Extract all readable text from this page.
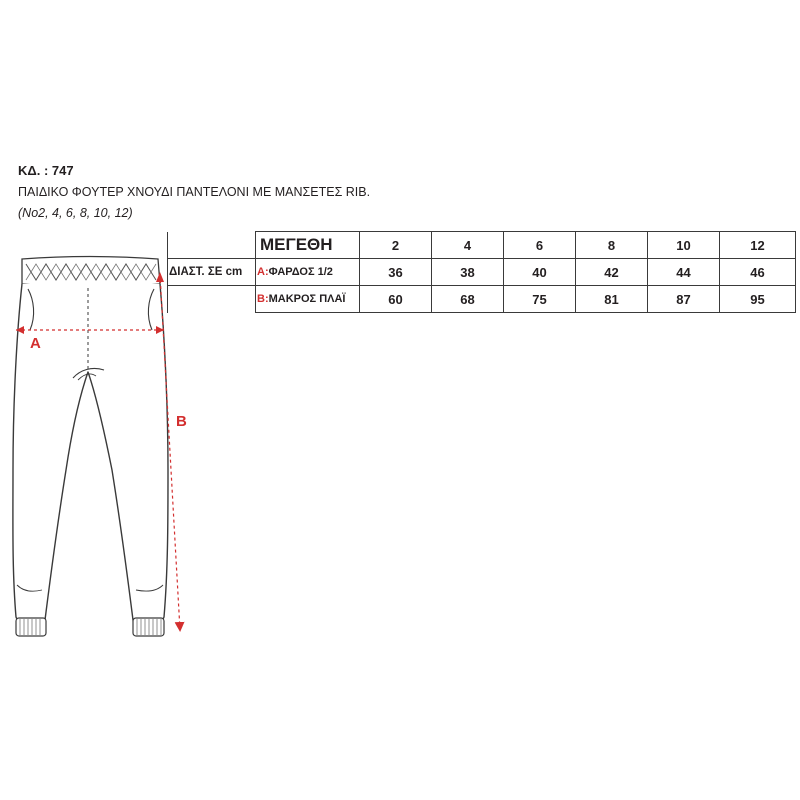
ΚΔ. : 747
ΠΑΙΔΙΚΟ ΦΟΥΤΕΡ ΧΝΟΥΔΙ ΠΑΝΤΕΛΟΝΙ ΜΕ ΜΑΝΣΕΤΕΣ RIB.
(No2, 4, 6, 8, 10, 12)
A
B
	ΜΕΓΕΘΗ	2	4	6	8	10	12
ΔΙΑΣΤ. ΣΕ cm	A:ΦΑΡΔΟΣ 1/2	36	38	40	42	44	46
	B:ΜΑΚΡΟΣ ΠΛΑΪ	60	68	75	81	87	95
